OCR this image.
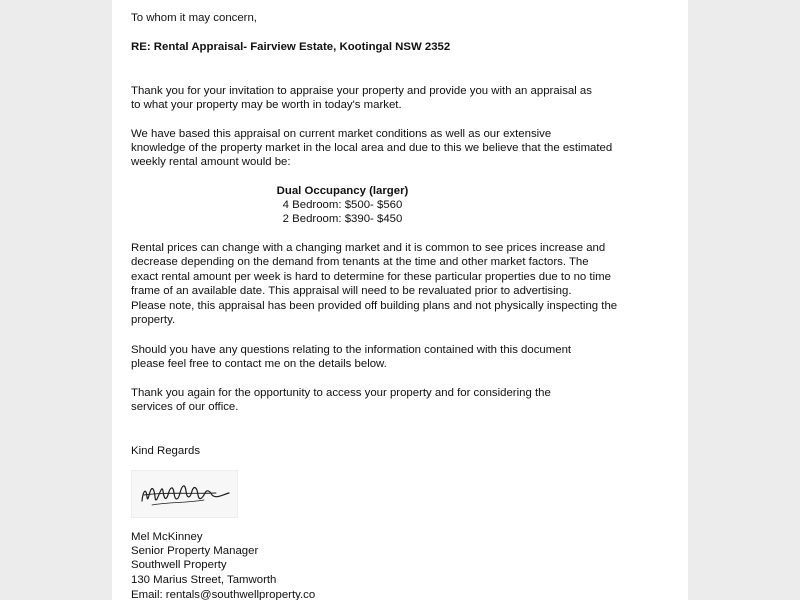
To whom it may concern,
RE: Rental Appraisal- Fairview Estate, Kootingal NSW 2352
Thank you for your invitation to appraise your property and provide you with an appraisal as
to what your property may be worth in today's market.
We have based this appraisal on current market conditions as well as our extensive
knowledge of the property market in the local area and due to this we believe that the estimated
weekly rental amount would be:
Dual Occupancy (larger)
4 Bedroom: $500- $560
2 Bedroom: $390- $450
Rental prices can change with a changing market and it is common to see prices increase and
decrease depending on the demand from tenants at the time and other market factors. The
exact rental amount per week is hard to determine for these particular properties due to no time
frame of an available date. This appraisal will need to be revaluated prior to advertising.
Please note, this appraisal has been provided off building plans and not physically inspecting the
property.
Should you have any questions relating to the information contained with this document
please feel free to contact me on the details below.
Thank you again for the opportunity to access your property and for considering the
services of our office.
Kind Regards
Mel McKinney
Senior Property Manager
Southwell Property
130 Marius Street, Tamworth
Email: rentals@southwellproperty.co
